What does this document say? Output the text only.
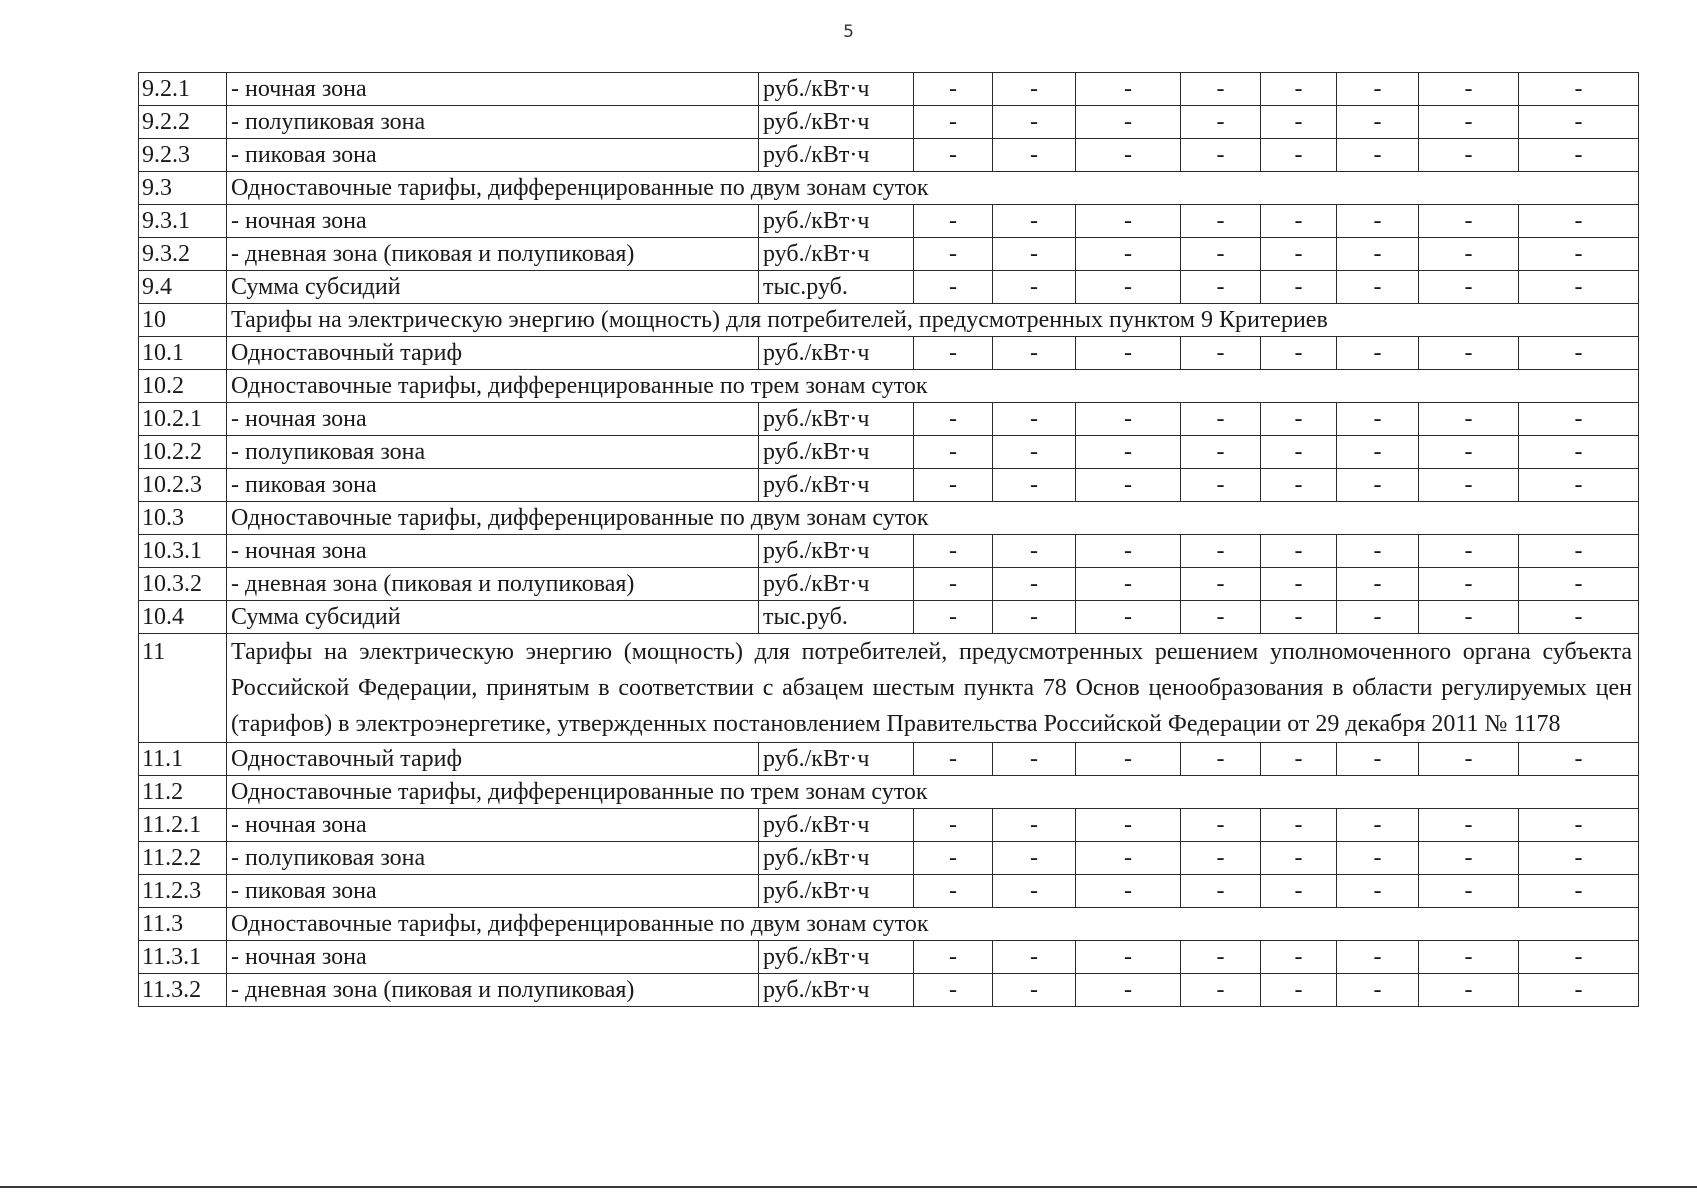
5
9.2.1	- ночная зона	руб./кВт·ч	-	-	-	-	-	-	-	-
9.2.2	- полупиковая зона	руб./кВт·ч	-	-	-	-	-	-	-	-
9.2.3	- пиковая зона	руб./кВт·ч	-	-	-	-	-	-	-	-
9.3	Одноставочные тарифы, дифференцированные по двум зонам суток									
9.3.1	- ночная зона	руб./кВт·ч	-	-	-	-	-	-	-	-
9.3.2	- дневная зона (пиковая и полупиковая)	руб./кВт·ч	-	-	-	-	-	-	-	-
9.4	Сумма субсидий	тыс.руб.	-	-	-	-	-	-	-	-
10	Тарифы на электрическую энергию (мощность) для потребителей, предусмотренных пунктом 9 Критериев									
10.1	Одноставочный тариф	руб./кВт·ч	-	-	-	-	-	-	-	-
10.2	Одноставочные тарифы, дифференцированные по трем зонам суток									
10.2.1	- ночная зона	руб./кВт·ч	-	-	-	-	-	-	-	-
10.2.2	- полупиковая зона	руб./кВт·ч	-	-	-	-	-	-	-	-
10.2.3	- пиковая зона	руб./кВт·ч	-	-	-	-	-	-	-	-
10.3	Одноставочные тарифы, дифференцированные по двум зонам суток									
10.3.1	- ночная зона	руб./кВт·ч	-	-	-	-	-	-	-	-
10.3.2	- дневная зона (пиковая и полупиковая)	руб./кВт·ч	-	-	-	-	-	-	-	-
10.4	Сумма субсидий	тыс.руб.	-	-	-	-	-	-	-	-
11	Тарифы на электрическую энергию (мощность) для потребителей, предусмотренных решением уполномоченного органа субъекта Российской Федерации, принятым в соответствии с абзацем шестым пункта 78 Основ ценообразования в области регулируемых цен (тарифов) в электроэнергетике, утвержденных постановлением Правительства Российской Федерации от 29 декабря 2011 № 1178									
11.1	Одноставочный тариф	руб./кВт·ч	-	-	-	-	-	-	-	-
11.2	Одноставочные тарифы, дифференцированные по трем зонам суток									
11.2.1	- ночная зона	руб./кВт·ч	-	-	-	-	-	-	-	-
11.2.2	- полупиковая зона	руб./кВт·ч	-	-	-	-	-	-	-	-
11.2.3	- пиковая зона	руб./кВт·ч	-	-	-	-	-	-	-	-
11.3	Одноставочные тарифы, дифференцированные по двум зонам суток									
11.3.1	- ночная зона	руб./кВт·ч	-	-	-	-	-	-	-	-
11.3.2	- дневная зона (пиковая и полупиковая)	руб./кВт·ч	-	-	-	-	-	-	-	-
